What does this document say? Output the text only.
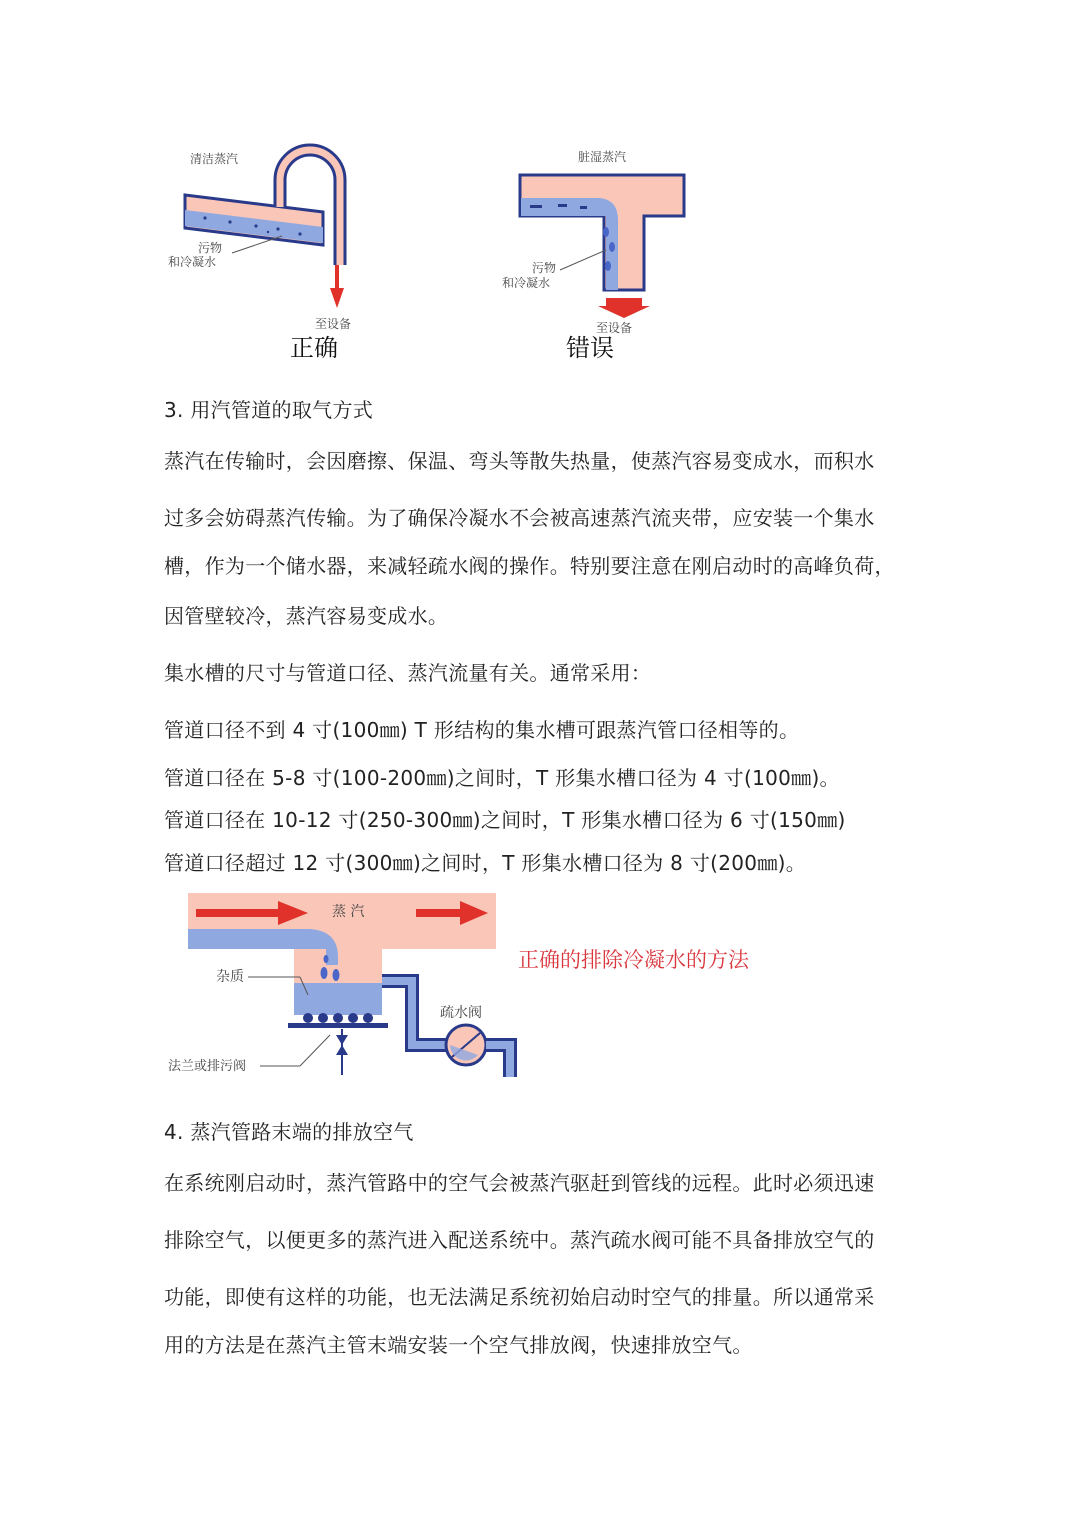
清洁蒸汽
污物
和冷凝水
至设备
正确
脏湿蒸汽
污物
和冷凝水
至设备
错误
3. 用汽管道的取气方式
蒸汽在传输时，会因磨擦、保温、弯头等散失热量，使蒸汽容易变成水，而积水
过多会妨碍蒸汽传输。为了确保冷凝水不会被高速蒸汽流夹带，应安装一个集水
槽，作为一个储水器，来减轻疏水阀的操作。特别要注意在刚启动时的高峰负荷，
因管壁较冷，蒸汽容易变成水。
集水槽的尺寸与管道口径、蒸汽流量有关。通常采用：
管道口径不到 4 寸(100㎜) T 形结构的集水槽可跟蒸汽管口径相等的。
管道口径在 5-8 寸(100-200㎜)之间时，T 形集水槽口径为 4 寸(100㎜)。
管道口径在 10-12 寸(250-300㎜)之间时，T 形集水槽口径为 6 寸(150㎜)
管道口径超过 12 寸(300㎜)之间时，T 形集水槽口径为 8 寸(200㎜)。
蒸 汽
杂质
疏水阀
法兰或排污阀
正确的排除冷凝水的方法
4. 蒸汽管路末端的排放空气
在系统刚启动时，蒸汽管路中的空气会被蒸汽驱赶到管线的远程。此时必须迅速
排除空气，以便更多的蒸汽进入配送系统中。蒸汽疏水阀可能不具备排放空气的
功能，即使有这样的功能，也无法满足系统初始启动时空气的排量。所以通常采
用的方法是在蒸汽主管末端安装一个空气排放阀，快速排放空气。
